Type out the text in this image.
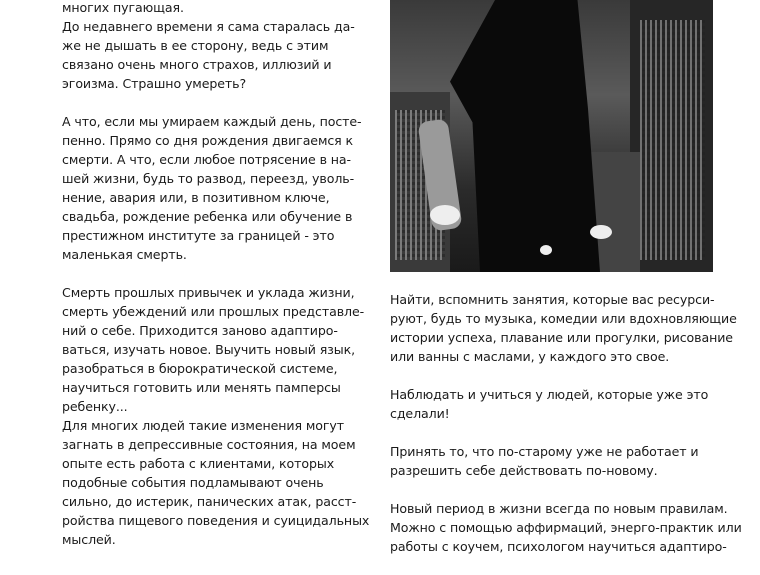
многих пугающая.
До недавнего времени я сама старалась да-
же не дышать в ее сторону, ведь с этим
связано очень много страхов, иллюзий и
эгоизма. Страшно умереть?
А что, если мы умираем каждый день, посте-
пенно. Прямо со дня рождения двигаемся к
смерти. А что, если любое потрясение в на-
шей жизни, будь то развод, переезд, уволь-
нение, авария или, в позитивном ключе,
свадьба, рождение ребенка или обучение в
престижном институте за границей - это
маленькая смерть.
Смерть прошлых привычек и уклада жизни,
смерть убеждений или прошлых представле-
ний о себе. Приходится заново адаптиро-
ваться, изучать новое. Выучить новый язык,
разобраться в бюрократической системе,
научиться готовить или менять памперсы
ребенку...
Для многих людей такие изменения могут
загнать в депрессивные состояния, на моем
опыте есть работа с клиентами, которых
подобные события подламывают очень
сильно, до истерик, панических атак, расст-
ройства пищевого поведения и суицидальных
мыслей.
Найти, вспомнить занятия, которые вас ресурси-
руют, будь то музыка, комедии или вдохновляющие
истории успеха, плавание или прогулки, рисование
или ванны с маслами, у каждого это свое.
Наблюдать и учиться у людей, которые уже это
сделали!
Принять то, что по-старому уже не работает и
разрешить себе действовать по-новому.
Новый период в жизни всегда по новым правилам.
Можно с помощью аффирмаций, энерго-практик или
работы с коучем, психологом научиться адаптиро-
